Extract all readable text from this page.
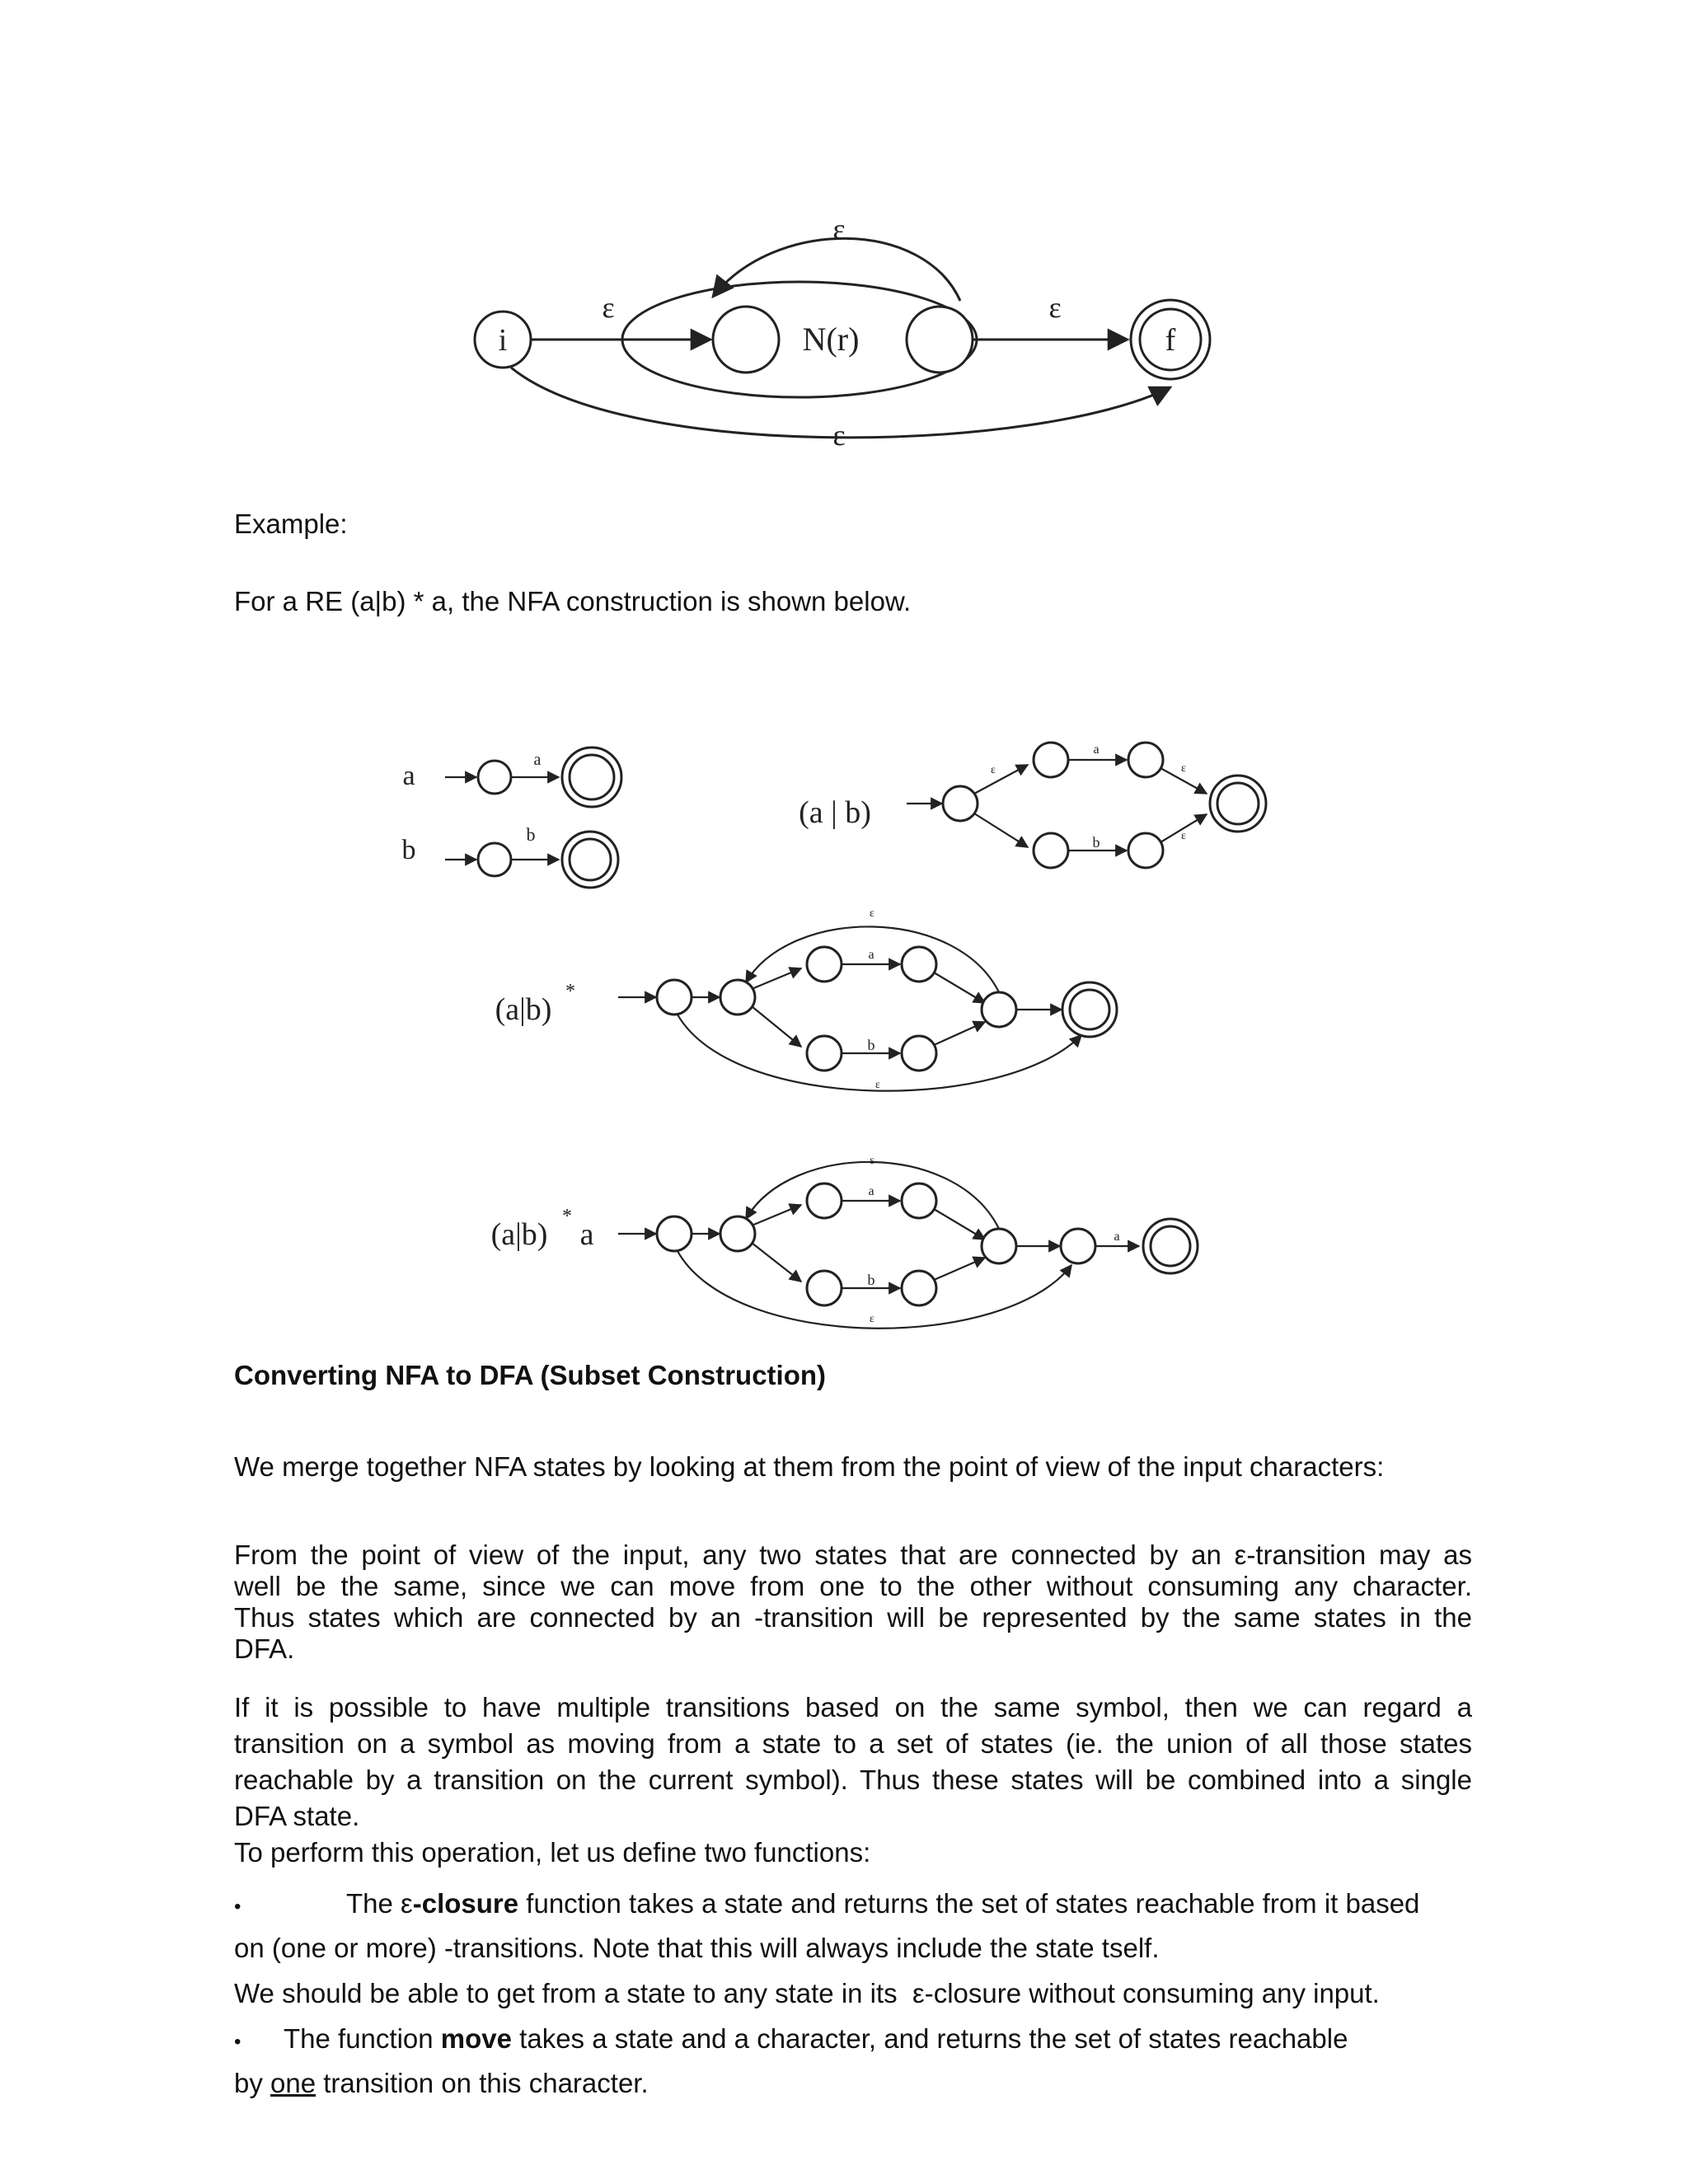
i	N(r)	f
ε
ε	ε
ε
Example:
For a RE (a|b) * a, the NFA construction is shown below.
a
a
b
b
(a | b)
ε
a
b
ε
ε
(a|b)
*
a
b
ε
ε
(a|b)
*
a
a
b
a
ε
ε
Converting NFA to DFA (Subset Construction)
We merge together NFA states by looking at them from the point of view of the input characters:
From the point of view of the input, any two states that are connected by an ε-transition may as
well be the same, since we can move from one to the other without consuming any character.
Thus states which are connected by an -transition will be represented by the same states in the
DFA.
If it is possible to have multiple transitions based on the same symbol, then we can regard a
transition on a symbol as moving from a state to a set of states (ie. the union of all those states
reachable by a transition on the current symbol). Thus these states will be combined into a single
DFA state.
To perform this operation, let us define two functions:
•	The ε-closure function takes a state and returns the set of states reachable from it based
on (one or more) -transitions. Note that this will always include the state tself.
We should be able to get from a state to any state in its  ε-closure without consuming any input.
• The function move takes a state and a character, and returns the set of states reachable
by one transition on this character.
